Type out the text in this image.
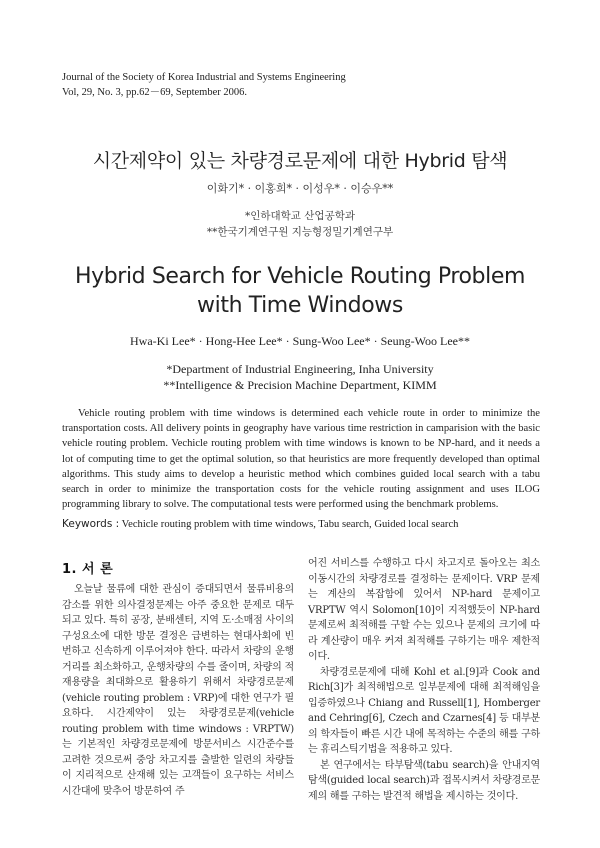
Journal of the Society of Korea Industrial and Systems Engineering
Vol, 29, No. 3, pp.62－69, September 2006.
시간제약이 있는 차량경로문제에 대한 Hybrid 탐색
이화기* · 이홍희* · 이성우* · 이승우**
*인하대학교 산업공학과
**한국기계연구원 지능형정밀기계연구부
Hybrid Search for Vehicle Routing Problem
with Time Windows
Hwa-Ki Lee* · Hong-Hee Lee* · Sung-Woo Lee* · Seung-Woo Lee**
*Department of Industrial Engineering, Inha University
**Intelligence & Precision Machine Department, KIMM

Vehicle routing problem with time windows is determined each vehicle route in order to minimize the transportation costs. All delivery points in geography have various time restriction in camparision with the basic vehicle routing problem. Vechicle routing problem with time windows is known to be NP-hard, and it needs a lot of computing time to get the optimal solution, so that heuristics are more frequently developed than optimal algorithms. This study aims to develop a heuristic method which combines guided local search with a tabu search in order to minimize the transportation costs for the vehicle routing assignment and uses ILOG programming library to solve. The computational tests were performed using the benchmark problems.

Keywords : Vechicle routing problem with time windows, Tabu search, Guided local search
1. 서 론

오늘날 물류에 대한 관심이 증대되면서 물류비용의 감소를 위한 의사결정문제는 아주 중요한 문제로 대두되고 있다. 특히 공장, 분배센터, 지역 도·소매점 사이의 구성요소에 대한 방문 결정은 급변하는 현대사회에 빈번하고 신속하게 이루어져야 한다. 따라서 차량의 운행거리를 최소화하고, 운행차량의 수를 줄이며, 차량의 적재용량을 최대화으로 활용하기 위해서 차량경로문제(vehicle routing problem : VRP)에 대한 연구가 필요하다. 시간제약이 있는 차량경로문제(vehicle routing problem with time windows : VRPTW)는 기본적인 차량경로문제에 방문서비스 시간준수를 고려한 것으로써 중앙 차고지를 출발한 일련의 차량들이 지리적으로 산재해 있는 고객들이 요구하는 서비스 시간대에 맞추어 방문하여 주

어진 서비스를 수행하고 다시 차고지로 돌아오는 최소 이동시간의 차량경로를 결정하는 문제이다. VRP 문제는 계산의 복잡함에 있어서 NP-hard 문제이고 VRPTW 역시 Solomon[10]이 지적했듯이 NP-hard 문제로써 최적해를 구할 수는 있으나 문제의 크기에 따라 계산량이 매우 커져 최적해를 구하기는 매우 제한적이다.

차량경로문제에 대해 Kohl et al.[9]과 Cook and Rich[3]가 최적해법으로 일부문제에 대해 최적해임을 입증하였으나 Chiang and Russell[1], Homberger and Cehring[6], Czech and Czarnes[4] 등 대부분의 학자들이 빠른 시간 내에 목적하는 수준의 해를 구하는 휴리스틱기법을 적용하고 있다.

본 연구에서는 타부탐색(tabu search)을 안내지역탐색(guided local search)과 접목시켜서 차량경로문제의 해를 구하는 발견적 해법을 제시하는 것이다.
